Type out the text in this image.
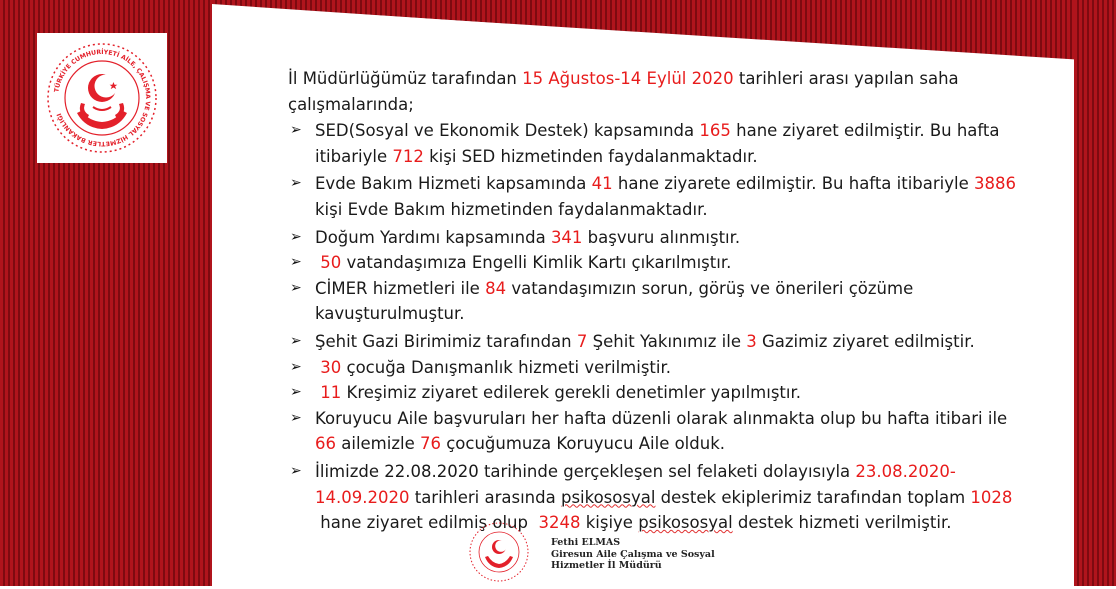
TÜRKİYE CUMHURİYETİ AİLE, ÇALIŞMA VE SOSYAL HİZMETLER BAKANLIĞI

İl Müdürlüğümüz tarafından 15 Ağustos-14 Eylül 2020 tarihleri arası yapılan saha çalışmalarında;

➢ SED(Sosyal ve Ekonomik Destek) kapsamında 165 hane ziyaret edilmiştir. Bu hafta itibariyle 712 kişi SED hizmetinden faydalanmaktadır.
➢ Evde Bakım Hizmeti kapsamında 41 hane ziyarete edilmiştir. Bu hafta itibariyle 3886 kişi Evde Bakım hizmetinden faydalanmaktadır.
➢ Doğum Yardımı kapsamında 341 başvuru alınmıştır.
➢ 50 vatandaşımıza Engelli Kimlik Kartı çıkarılmıştır.
➢ CİMER hizmetleri ile 84 vatandaşımızın sorun, görüş ve önerileri çözüme kavuşturulmuştur.
➢ Şehit Gazi Birimimiz tarafından 7 Şehit Yakınımız ile 3 Gazimiz ziyaret edilmiştir.
➢ 30 çocuğa Danışmanlık hizmeti verilmiştir.
➢ 11 Kreşimiz ziyaret edilerek gerekli denetimler yapılmıştır.
➢ Koruyucu Aile başvuruları her hafta düzenli olarak alınmakta olup bu hafta itibari ile 66 ailemizle 76 çocuğumuza Koruyucu Aile olduk.
➢ İlimizde 22.08.2020 tarihinde gerçekleşen sel felaketi dolayısıyla 23.08.2020-14.09.2020 tarihleri arasında psikososyal destek ekiplerimiz tarafından toplam 1028 hane ziyaret edilmiş olup  3248 kişiye psikososyal destek hizmeti verilmiştir.
Fethi ELMAS
Giresun Aile Çalışma ve Sosyal
Hizmetler İl Müdürü
